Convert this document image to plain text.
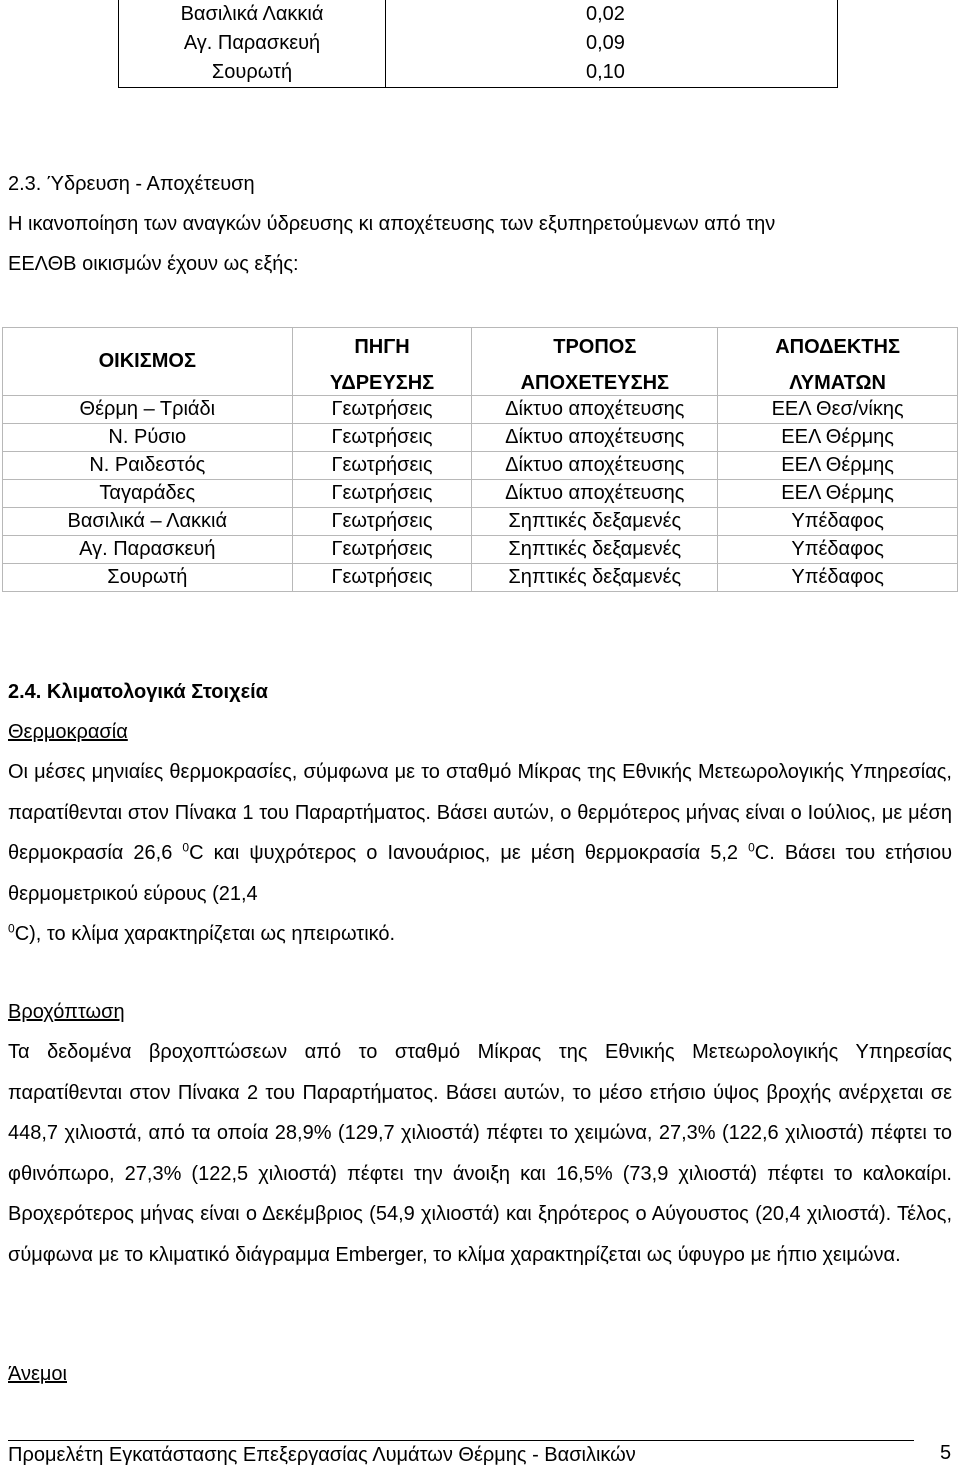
Βασιλικά Λακκιά	0,02
Αγ. Παρασκευή	0,09
Σουρωτή	0,10
2.3. Ύδρευση - Αποχέτευση
Η ικανοποίηση των αναγκών ύδρευσης κι αποχέτευσης των εξυπηρετούμενων από την
ΕΕΛΘΒ οικισμών έχουν ως εξής:
ΟΙΚΙΣΜΟΣ	ΠΗΓΗ	ΤΡΟΠΟΣ	ΑΠΟΔΕΚΤΗΣ
	ΥΔΡΕΥΣΗΣ	ΑΠΟΧΕΤΕΥΣΗΣ	ΛΥΜΑΤΩΝ
Θέρμη – Τριάδι	Γεωτρήσεις	Δίκτυο αποχέτευσης	ΕΕΛ Θεσ/νίκης
Ν. Ρύσιο	Γεωτρήσεις	Δίκτυο αποχέτευσης	ΕΕΛ Θέρμης
Ν. Ραιδεστός	Γεωτρήσεις	Δίκτυο αποχέτευσης	ΕΕΛ Θέρμης
Ταγαράδες	Γεωτρήσεις	Δίκτυο αποχέτευσης	ΕΕΛ Θέρμης
Βασιλικά – Λακκιά	Γεωτρήσεις	Σηπτικές δεξαμενές	Υπέδαφος
Αγ. Παρασκευή	Γεωτρήσεις	Σηπτικές δεξαμενές	Υπέδαφος
Σουρωτή	Γεωτρήσεις	Σηπτικές δεξαμενές	Υπέδαφος
2.4. Κλιματολογικά Στοιχεία
Θερμοκρασία
Οι μέσες μηνιαίες θερμοκρασίες, σύμφωνα με το σταθμό Μίκρας της Εθνικής Μετεωρολογικής Υπηρεσίας, παρατίθενται στον Πίνακα 1 του Παραρτήματος. Βάσει αυτών, ο θερμότερος μήνας είναι ο Ιούλιος, με μέση θερμοκρασία 26,6 $^0$C και ψυχρότερος ο Ιανουάριος, με μέση θερμοκρασία 5,2 $^0$C. Βάσει του ετήσιου θερμομετρικού εύρους (21,4
$^0$C), το κλίμα χαρακτηρίζεται ως ηπειρωτικό.
Βροχόπτωση
Τα δεδομένα βροχοπτώσεων από το σταθμό Μίκρας της Εθνικής Μετεωρολογικής Υπηρεσίας παρατίθενται στον Πίνακα 2 του Παραρτήματος. Βάσει αυτών, το μέσο ετήσιο ύψος βροχής ανέρχεται σε 448,7 χιλιοστά, από τα οποία 28,9% (129,7 χιλιοστά) πέφτει το χειμώνα, 27,3% (122,6 χιλιοστά) πέφτει το φθινόπωρο, 27,3% (122,5 χιλιοστά) πέφτει την άνοιξη και 16,5% (73,9 χιλιοστά) πέφτει το καλοκαίρι. Βροχερότερος μήνας είναι ο Δεκέμβριος (54,9 χιλιοστά) και ξηρότερος ο Αύγουστος (20,4 χιλιοστά). Τέλος, σύμφωνα με το κλιματικό διάγραμμα Emberger, το κλίμα χαρακτηρίζεται ως ύφυγρο με ήπιο χειμώνα.
Άνεμοι
Προμελέτη Εγκατάστασης Επεξεργασίας Λυμάτων Θέρμης - Βασιλικών	5
